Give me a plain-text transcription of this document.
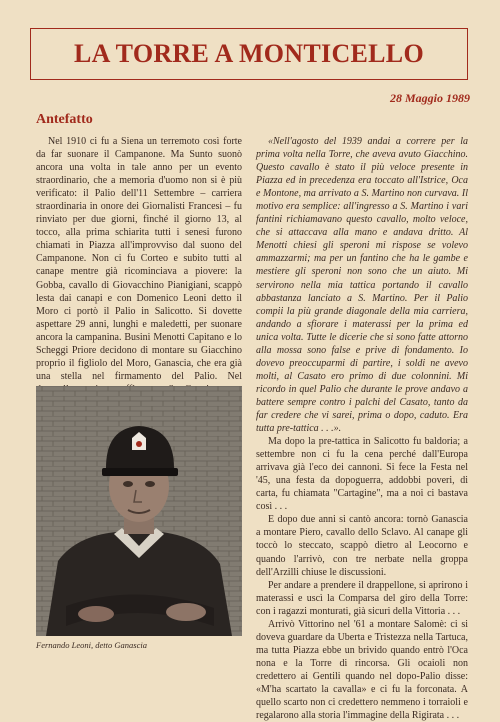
LA TORRE A MONTICELLO
28 Maggio 1989
Antefatto

Nel 1910 ci fu a Siena un terremoto così forte da far suonare il Campanone. Ma Sunto suonò ancora una volta in tale anno per un evento straordinario, che a memoria d'uomo non si è più verificato: il Palio dell'11 Settembre – carriera straordinaria in onore dei Giornalisti Francesi – fu rinviato per due giorni, finché il giorno 13, al tocco, alla prima schiarita tutti i senesi furono chiamati in Piazza all'improvviso dal suono del Campanone. Non ci fu Corteo e subito tutti al canape mentre già ricominciava a piovere: la Gobba, cavallo di Giovacchino Pianigiani, scappò lesta dai canapi e con Domenico Leoni detto il Moro ci portò il Palio in Salicotto. Si dovette aspettare 29 anni, lunghi e maledetti, per suonare ancora la campanina. Busini Menotti Capitano e lo Scheggi Priore decidono di montare su Giacchino proprio il figliolo del Moro, Ganascia, che era già una stella nel firmamento del Palio. Nel

Fernando Leoni, detto Ganascia

«Nell'agosto del 1939 andai a correre per la prima volta nella Torre, che aveva avuto Giacchino. Questo cavallo è stato il più veloce presente in Piazza ed in precedenza era toccato all'Istrice, Oca e Montone, ma arrivato a S. Martino non curvava. Il motivo era semplice: all'ingresso a S. Martino i vari fantini richiamavano questo cavallo, molto veloce, che si attaccava alla mano e andava dritto. Al Menotti chiesi gli speroni mi rispose se volevo ammazzarmi; ma per un fantino che ha le gambe e mestiere gli speroni non sono che un aiuto. Mi servirono nella mia tattica portando il cavallo abbastanza lanciato a S. Martino. Per il Palio compii la più grande diagonale della mia carriera, andando a sfiorare i materassi per la prima ed unica volta. Tutte le dicerie che si sono fatte attorno alla mossa sono false e prive di fondamento. Io dovevo preoccuparmi di partire, i soldi ne avevo molti, al Casato ero primo di due colonnini. Mi ricordo in quel Palio che durante le prove andavo a battere sempre contro i palchi del Casato, tanto da far credere che vi sarei, prima o dopo, caduto. Era tutta pre-tattica . . .».

Ma dopo la pre-tattica in Salicotto fu baldoria; a settembre non ci fu la cena perché dall'Europa arrivava già l'eco dei cannoni. Si fece la Festa nel '45, una festa da dopoguerra, addobbi poveri, di carta, fu chiamata "Cartagine", ma a noi ci bastava così . . .

E dopo due anni si cantò ancora: tornò Ganascia a montare Piero, cavallo dello Sclavo. Al canape gli toccò lo steccato, scappò dietro al Leocorno e quando l'arrivò, con tre nerbate nella groppa dell'Arzilli chiuse le discussioni.

Per andare a prendere il drappellone, si aprirono i materassi e uscì la Comparsa del giro della Torre: con i ragazzi monturati, già sicuri della Vittoria . . .

Arrivò Vittorino nel '61 a montare Salomè: ci si doveva guardare da Uberta e Tristezza nella Tartuca, ma tutta Piazza ebbe un brivido quando entrò l'Oca nona e la Torre di rincorsa. Gli ocaioli non credettero ai Gentili quando nel dopo-Palio disse: «M'ha scartato la cavalla» e ci fu la forconata. A quello scarto non ci credettero nemmeno i torraioli e regalarono alla storia l'immagine della Rigirata . . .
